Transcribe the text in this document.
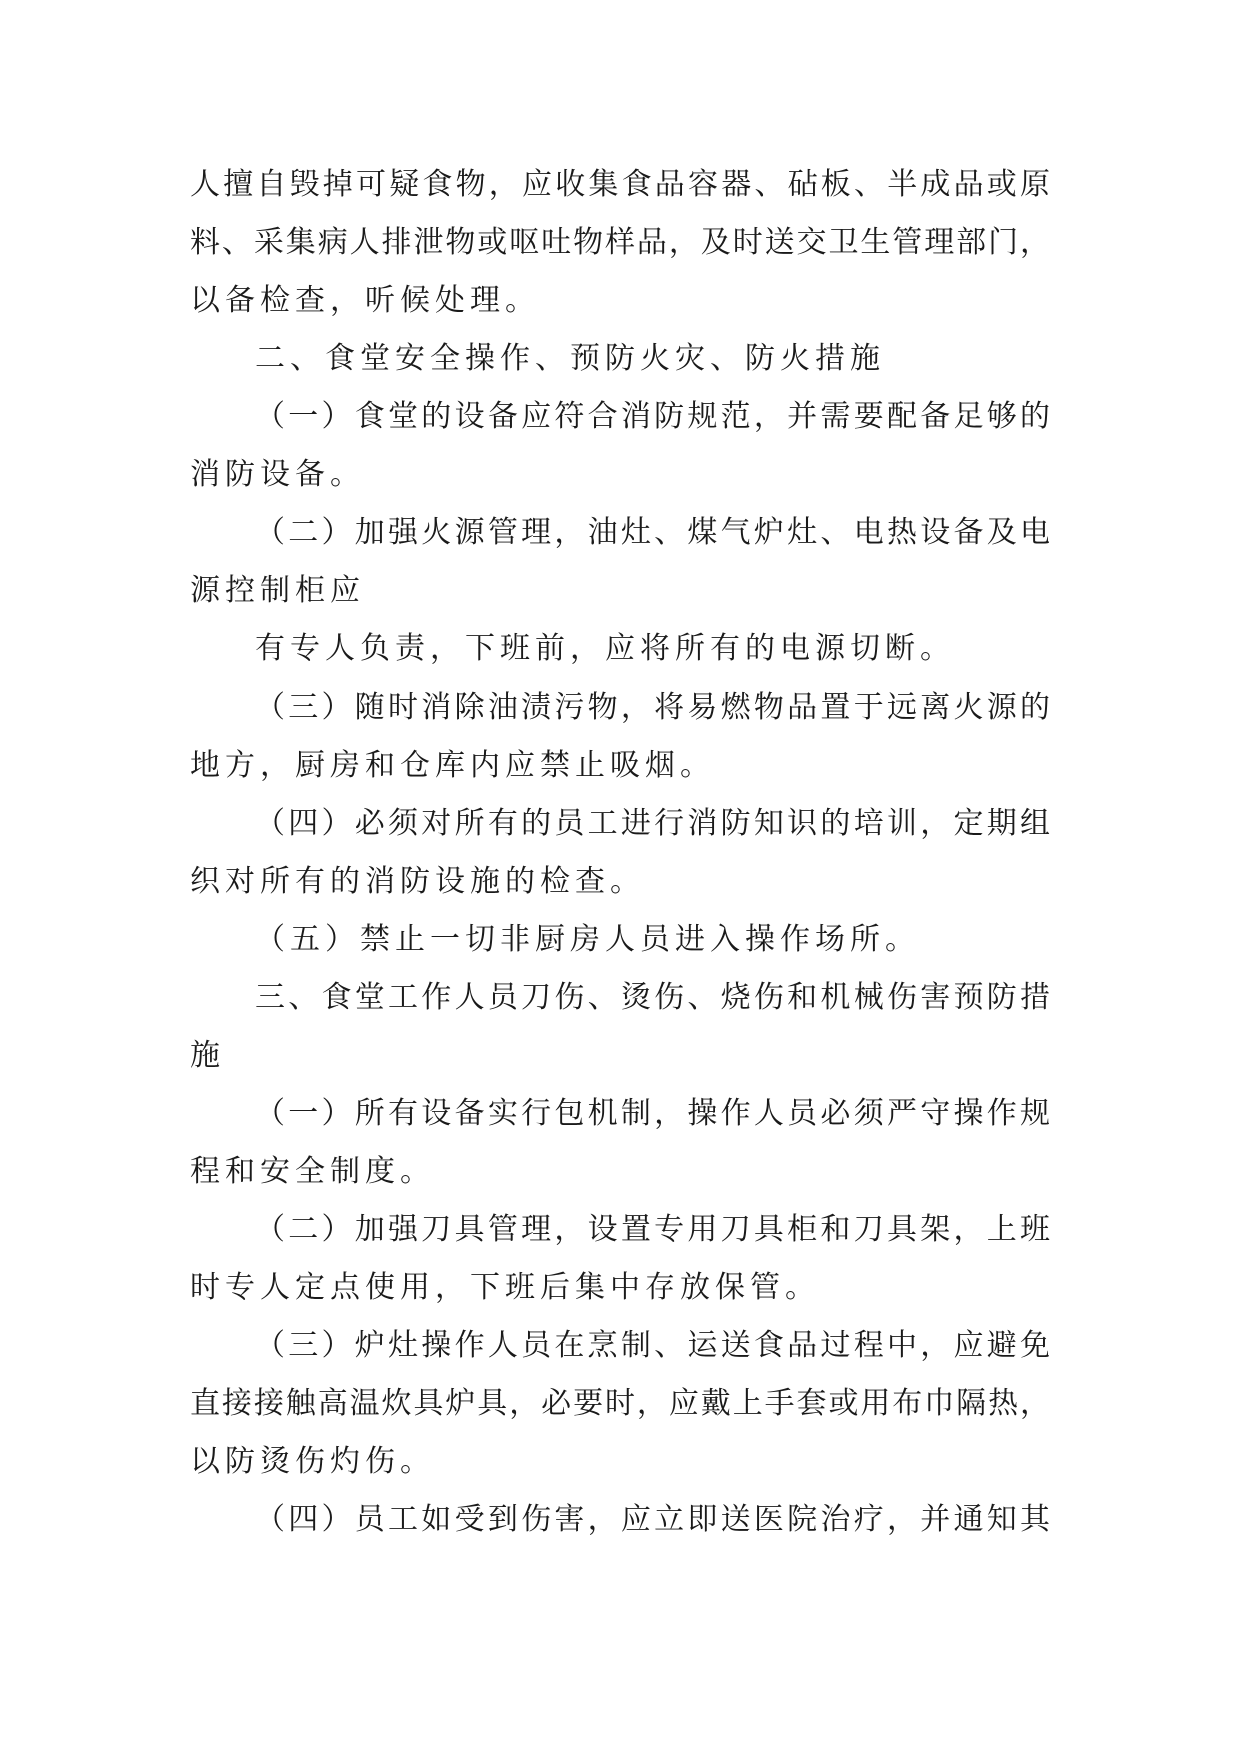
人擅自毁掉可疑食物，应收集食品容器、砧板、半成品或原
料、采集病人排泄物或呕吐物样品，及时送交卫生管理部门，
以备检查，听候处理。
二、食堂安全操作、预防火灾、防火措施
（一）食堂的设备应符合消防规范，并需要配备足够的
消防设备。
（二）加强火源管理，油灶、煤气炉灶、电热设备及电
源控制柜应
有专人负责，下班前，应将所有的电源切断。
（三）随时消除油渍污物，将易燃物品置于远离火源的
地方，厨房和仓库内应禁止吸烟。
（四）必须对所有的员工进行消防知识的培训，定期组
织对所有的消防设施的检查。
（五）禁止一切非厨房人员进入操作场所。
三、食堂工作人员刀伤、烫伤、烧伤和机械伤害预防措
施
（一）所有设备实行包机制，操作人员必须严守操作规
程和安全制度。
（二）加强刀具管理，设置专用刀具柜和刀具架，上班
时专人定点使用，下班后集中存放保管。
（三）炉灶操作人员在烹制、运送食品过程中，应避免
直接接触高温炊具炉具，必要时，应戴上手套或用布巾隔热，
以防烫伤灼伤。
（四）员工如受到伤害，应立即送医院治疗，并通知其
